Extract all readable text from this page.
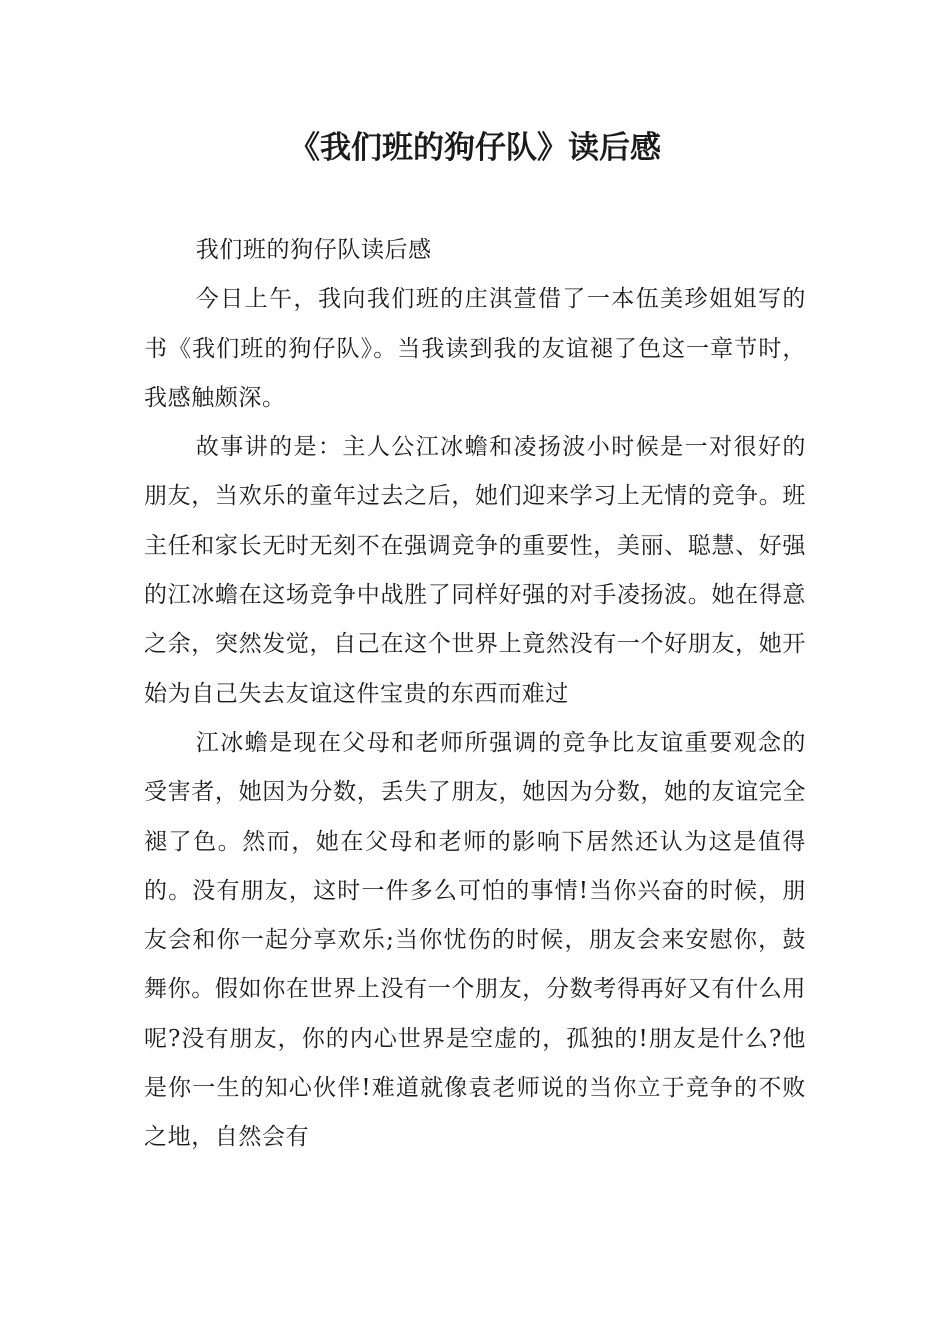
《我们班的狗仔队》读后感

我们班的狗仔队读后感

今日上午，我向我们班的庄淇萱借了一本伍美珍姐姐写的书《我们班的狗仔队》。当我读到我的友谊褪了色这一章节时，我感触颇深。

故事讲的是：主人公江冰蟾和凌扬波小时候是一对很好的朋友，当欢乐的童年过去之后，她们迎来学习上无情的竞争。班主任和家长无时无刻不在强调竞争的重要性，美丽、聪慧、好强的江冰蟾在这场竞争中战胜了同样好强的对手凌扬波。她在得意之余，突然发觉，自己在这个世界上竟然没有一个好朋友，她开始为自己失去友谊这件宝贵的东西而难过

江冰蟾是现在父母和老师所强调的竞争比友谊重要观念的受害者，她因为分数，丢失了朋友，她因为分数，她的友谊完全褪了色。然而，她在父母和老师的影响下居然还认为这是值得的。没有朋友，这时一件多么可怕的事情!当你兴奋的时候，朋友会和你一起分享欢乐;当你忧伤的时候，朋友会来安慰你，鼓舞你。假如你在世界上没有一个朋友，分数考得再好又有什么用呢?没有朋友，你的内心世界是空虚的，孤独的!朋友是什么?他是你一生的知心伙伴!难道就像袁老师说的当你立于竞争的不败之地，自然会有
